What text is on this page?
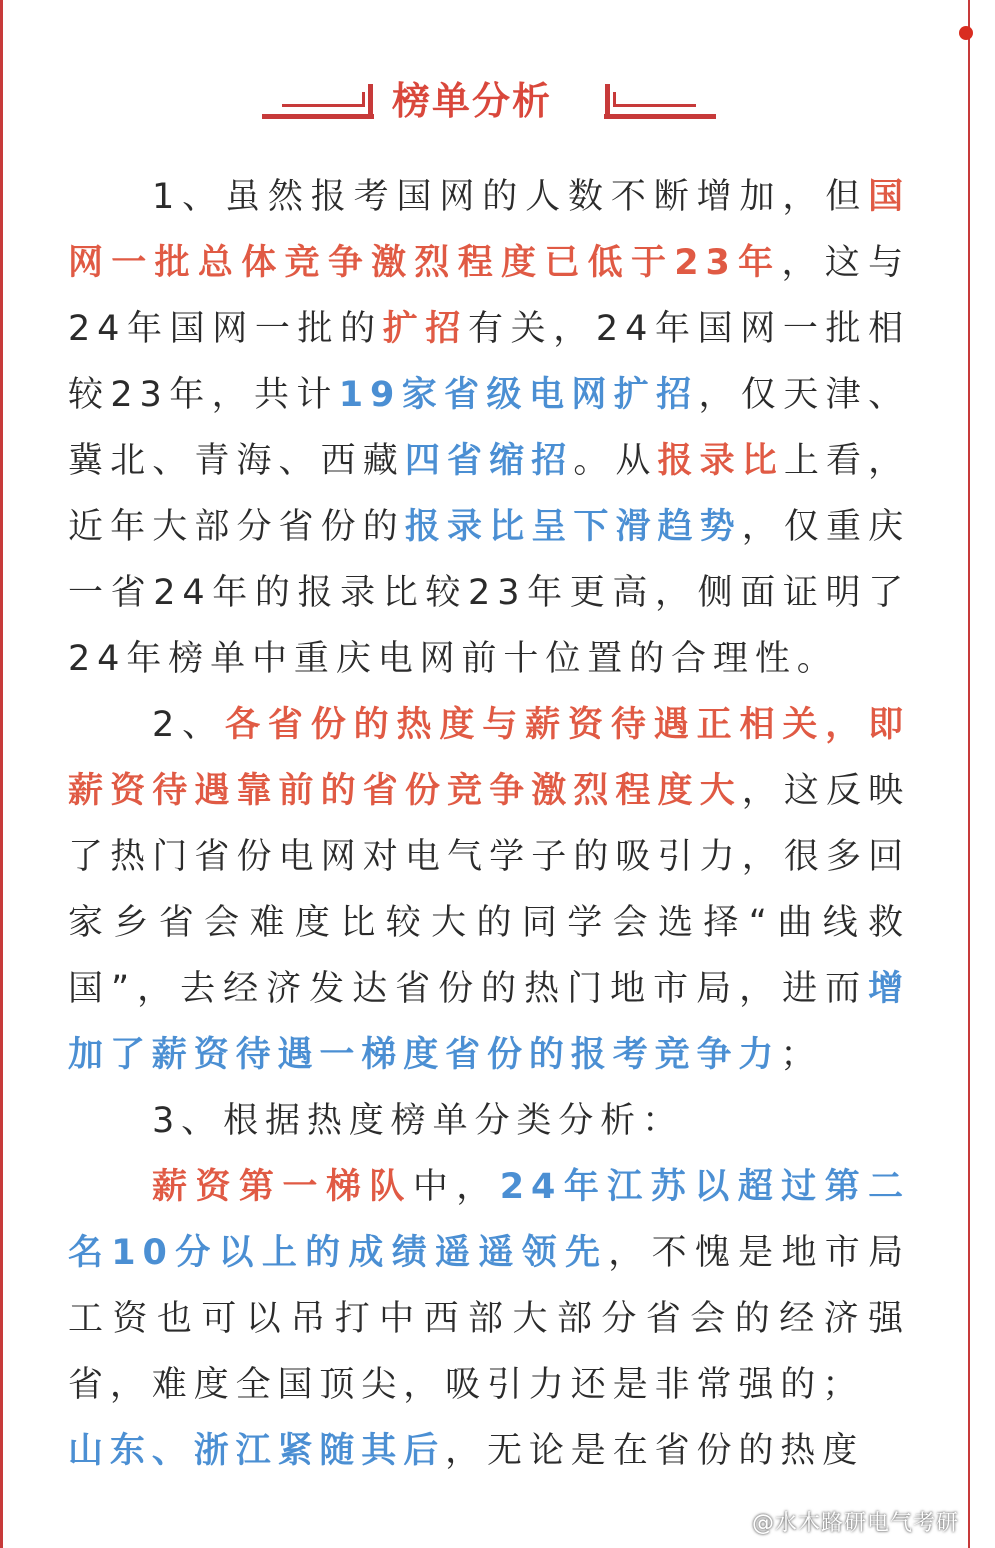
榜单分析

1、虽然报考国网的人数不断增加，但国网一批总体竞争激烈程度已低于23年，这与24年国网一批的扩招有关，24年国网一批相较23年，共计19家省级电网扩招，仅天津、冀北、青海、西藏四省缩招。从报录比上看，近年大部分省份的报录比呈下滑趋势，仅重庆一省24年的报录比较23年更高，侧面证明了24年榜单中重庆电网前十位置的合理性。

2、各省份的热度与薪资待遇正相关，即薪资待遇靠前的省份竞争激烈程度大，这反映了热门省份电网对电气学子的吸引力，很多回家乡省会难度比较大的同学会选择“曲线救国”，去经济发达省份的热门地市局，进而增加了薪资待遇一梯度省份的报考竞争力；

3、根据热度榜单分类分析：

薪资第一梯队中，24年江苏以超过第二名10分以上的成绩遥遥领先，不愧是地市局工资也可以吊打中西部大部分省会的经济强省，难度全国顶尖，吸引力还是非常强的；

山东、浙江紧随其后，无论是在省份的热度

@水木路研电气考研
